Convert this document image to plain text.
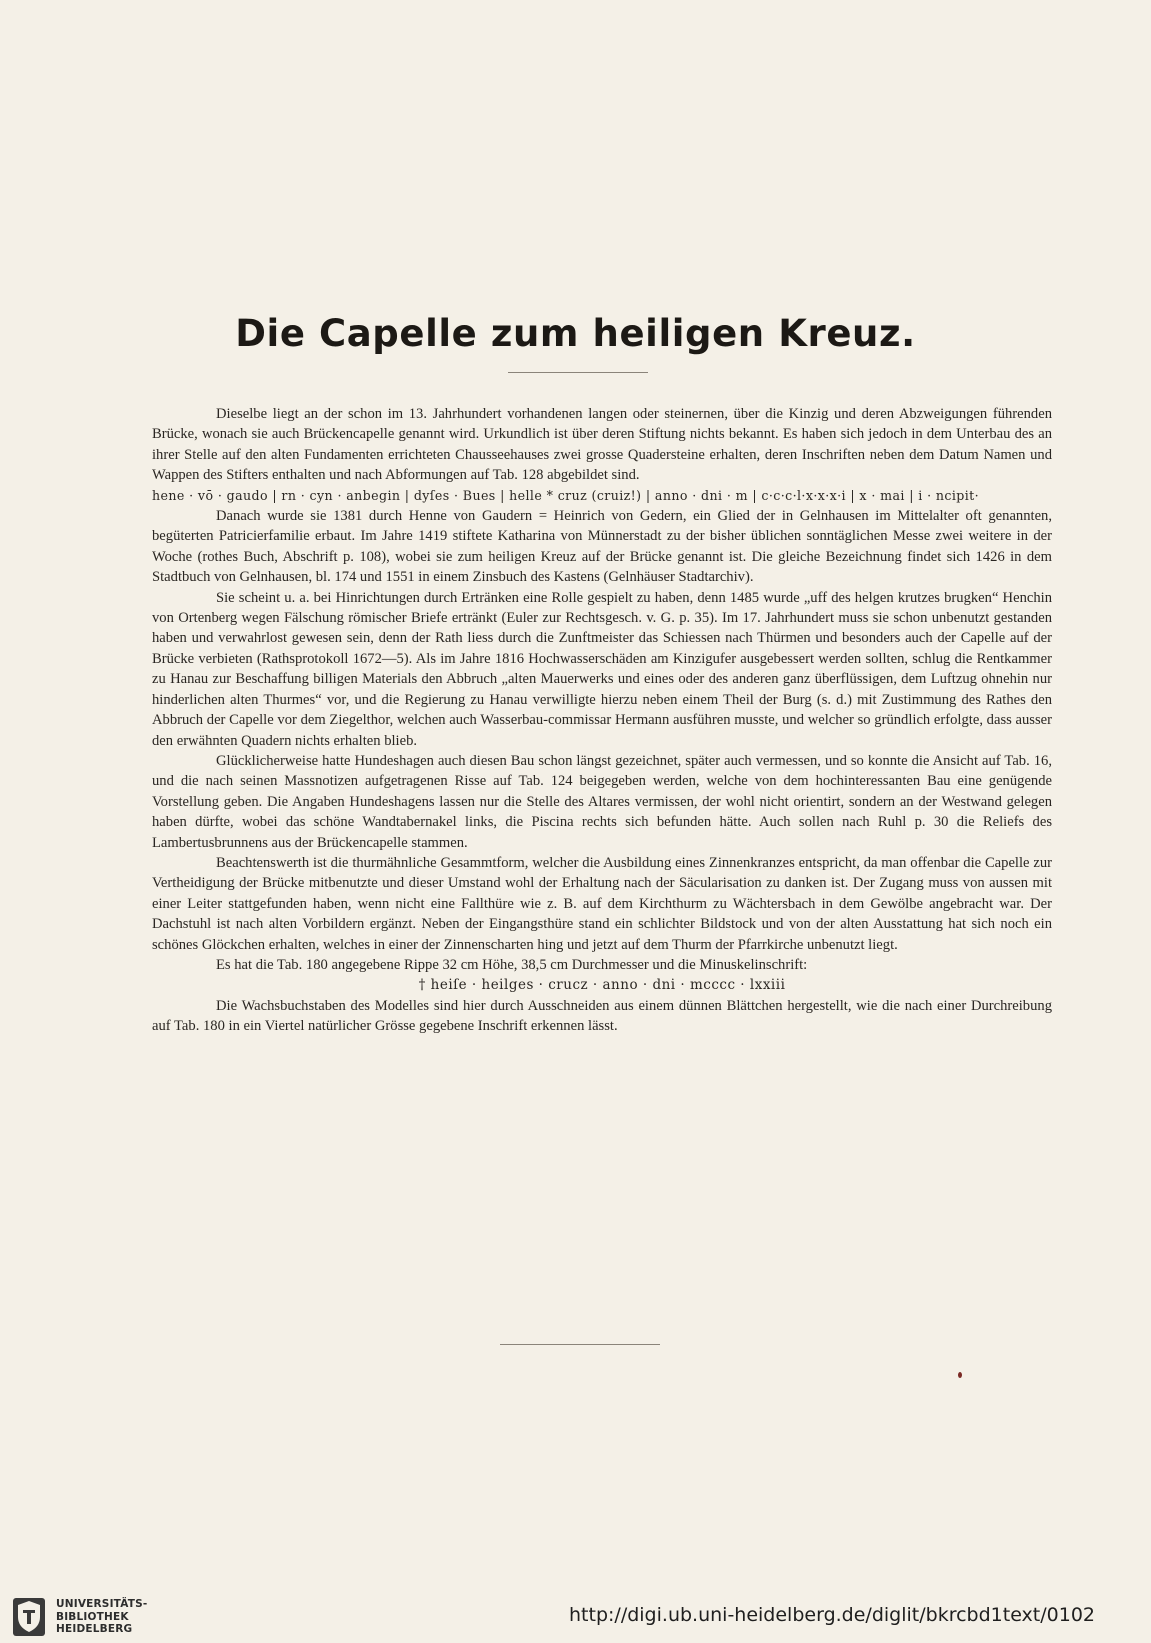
Die Capelle zum heiligen Kreuz.

Dieselbe liegt an der schon im 13. Jahrhundert vorhandenen langen oder steinernen, über die Kinzig und deren Abzweigungen führenden Brücke, wonach sie auch Brückencapelle genannt wird. Urkundlich ist über deren Stiftung nichts bekannt. Es haben sich jedoch in dem Unterbau des an ihrer Stelle auf den alten Fundamenten errichteten Chausseehauses zwei grosse Quadersteine erhalten, deren Inschriften neben dem Datum Namen und Wappen des Stifters enthalten und nach Abformungen auf Tab. 128 abgebildet sind.

hene · vō · gaudo | rn · cyn · anbegin | dyſes · Bues | helle * cruz (cruiz!) | anno · dni · m | c·c·c·l·x·x·x·i | x · mai | i · ncipit·

Danach wurde sie 1381 durch Henne von Gaudern = Heinrich von Gedern, ein Glied der in Gelnhausen im Mittelalter oft genannten, begüterten Patricierfamilie erbaut. Im Jahre 1419 stiftete Katharina von Münnerstadt zu der bisher üblichen sonntäglichen Messe zwei weitere in der Woche (rothes Buch, Abschrift p. 108), wobei sie zum heiligen Kreuz auf der Brücke genannt ist. Die gleiche Bezeichnung findet sich 1426 in dem Stadtbuch von Gelnhausen, bl. 174 und 1551 in einem Zinsbuch des Kastens (Gelnhäuser Stadtarchiv).

Sie scheint u. a. bei Hinrichtungen durch Ertränken eine Rolle gespielt zu haben, denn 1485 wurde „uff des helgen krutzes brugken“ Henchin von Ortenberg wegen Fälschung römischer Briefe ertränkt (Euler zur Rechtsgesch. v. G. p. 35). Im 17. Jahrhundert muss sie schon unbenutzt gestanden haben und verwahrlost gewesen sein, denn der Rath liess durch die Zunftmeister das Schiessen nach Thürmen und besonders auch der Capelle auf der Brücke verbieten (Rathsprotokoll 1672—5). Als im Jahre 1816 Hochwasserschäden am Kinzigufer ausgebessert werden sollten, schlug die Rentkammer zu Hanau zur Beschaffung billigen Materials den Abbruch „alten Mauerwerks und eines oder des anderen ganz überflüssigen, dem Luftzug ohnehin nur hinderlichen alten Thurmes“ vor, und die Regierung zu Hanau verwilligte hierzu neben einem Theil der Burg (s. d.) mit Zustimmung des Rathes den Abbruch der Capelle vor dem Ziegelthor, welchen auch Wasserbau-commissar Hermann ausführen musste, und welcher so gründlich erfolgte, dass ausser den erwähnten Quadern nichts erhalten blieb.

Glücklicherweise hatte Hundeshagen auch diesen Bau schon längst gezeichnet, später auch vermessen, und so konnte die Ansicht auf Tab. 16, und die nach seinen Massnotizen aufgetragenen Risse auf Tab. 124 beigegeben werden, welche von dem hochinteressanten Bau eine genügende Vorstellung geben. Die Angaben Hundeshagens lassen nur die Stelle des Altares vermissen, der wohl nicht orientirt, sondern an der Westwand gelegen haben dürfte, wobei das schöne Wandtabernakel links, die Piscina rechts sich befunden hätte. Auch sollen nach Ruhl p. 30 die Reliefs des Lambertusbrunnens aus der Brückencapelle stammen.

Beachtenswerth ist die thurmähnliche Gesammtform, welcher die Ausbildung eines Zinnenkranzes entspricht, da man offenbar die Capelle zur Vertheidigung der Brücke mitbenutzte und dieser Umstand wohl der Erhaltung nach der Säcularisation zu danken ist. Der Zugang muss von aussen mit einer Leiter stattgefunden haben, wenn nicht eine Fallthüre wie z. B. auf dem Kirchthurm zu Wächtersbach in dem Gewölbe angebracht war. Der Dachstuhl ist nach alten Vorbildern ergänzt. Neben der Eingangsthüre stand ein schlichter Bildstock und von der alten Ausstattung hat sich noch ein schönes Glöckchen erhalten, welches in einer der Zinnenscharten hing und jetzt auf dem Thurm der Pfarrkirche unbenutzt liegt.

Es hat die Tab. 180 angegebene Rippe 32 cm Höhe, 38,5 cm Durchmesser und die Minuskelinschrift:

† heiſe · heilges · crucz · anno · dni · mcccc · lxxiii

Die Wachsbuchstaben des Modelles sind hier durch Ausschneiden aus einem dünnen Blättchen hergestellt, wie die nach einer Durchreibung auf Tab. 180 in ein Viertel natürlicher Grösse gegebene Inschrift erkennen lässt.

UNIVERSITÄTS-
BIBLIOTHEK
HEIDELBERG
http://digi.ub.uni-heidelberg.de/diglit/bkrcbd1text/0102
